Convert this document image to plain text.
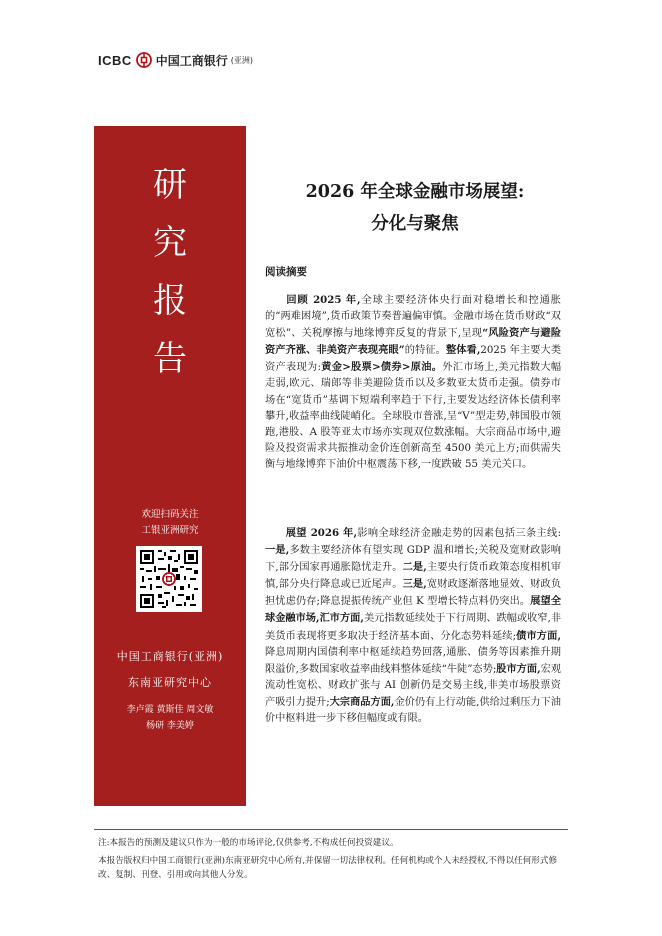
ICBC 中国工商银行 (亚洲)
研
究
报
告
欢迎扫码关注
工银亚洲研究
中国工商银行(亚洲)
东南亚研究中心
李卢霞 黄斯佳 周文敏
杨研 李美婷
2026 年全球金融市场展望:
分化与聚焦
阅读摘要

  回顾 2025 年,全球主要经济体央行面对稳增长和控通胀的“两难困境”,货币政策节奏普遍偏审慎。金融市场在货币财政“双宽松”、关税摩擦与地缘博弈反复的背景下,呈现“风险资产与避险资产齐涨、非美资产表现亮眼”的特征。整体看,2025 年主要大类资产表现为:黄金>股票>债券>原油。外汇市场上,美元指数大幅走弱,欧元、瑞郎等非美避险货币以及多数亚太货币走强。债券市场在“宽货币”基调下短端利率趋于下行,主要发达经济体长债利率攀升,收益率曲线陡峭化。全球股市普涨,呈“V”型走势,韩国股市领跑,港股、A 股等亚太市场亦实现双位数涨幅。大宗商品市场中,避险及投资需求共振推动金价连创新高至 4500 美元上方;而供需失衡与地缘博弈下油价中枢震荡下移,一度跌破 55 美元关口。

  展望 2026 年,影响全球经济金融走势的因素包括三条主线:一是,多数主要经济体有望实现 GDP 温和增长;关税及宽财政影响下,部分国家再通胀隐忧走升。二是,主要央行货币政策态度相机审慎,部分央行降息或已近尾声。三是,宽财政逐渐落地显效、财政负担忧虑仍存;降息提振传统产业但 K 型增长特点料仍突出。展望全球金融市场,汇市方面,美元指数延续处于下行周期、跌幅或收窄,非美货币表现将更多取决于经济基本面、分化态势料延续;债市方面,降息周期内国债利率中枢延续趋势回落,通胀、债务等因素推升期限溢价,多数国家收益率曲线料整体延续“牛陡”态势;股市方面,宏观流动性宽松、财政扩张与 AI 创新仍是交易主线,非美市场股票资产吸引力提升;大宗商品方面,金价仍有上行动能,供给过剩压力下油价中枢料进一步下移但幅度或有限。

注:本报告的预测及建议只作为一般的市场评论,仅供参考,不构成任何投资建议。

本报告版权归中国工商银行(亚洲)东南亚研究中心所有,并保留一切法律权利。任何机构或个人未经授权,不得以任何形式修改、复制、刊登、引用或向其他人分发。
